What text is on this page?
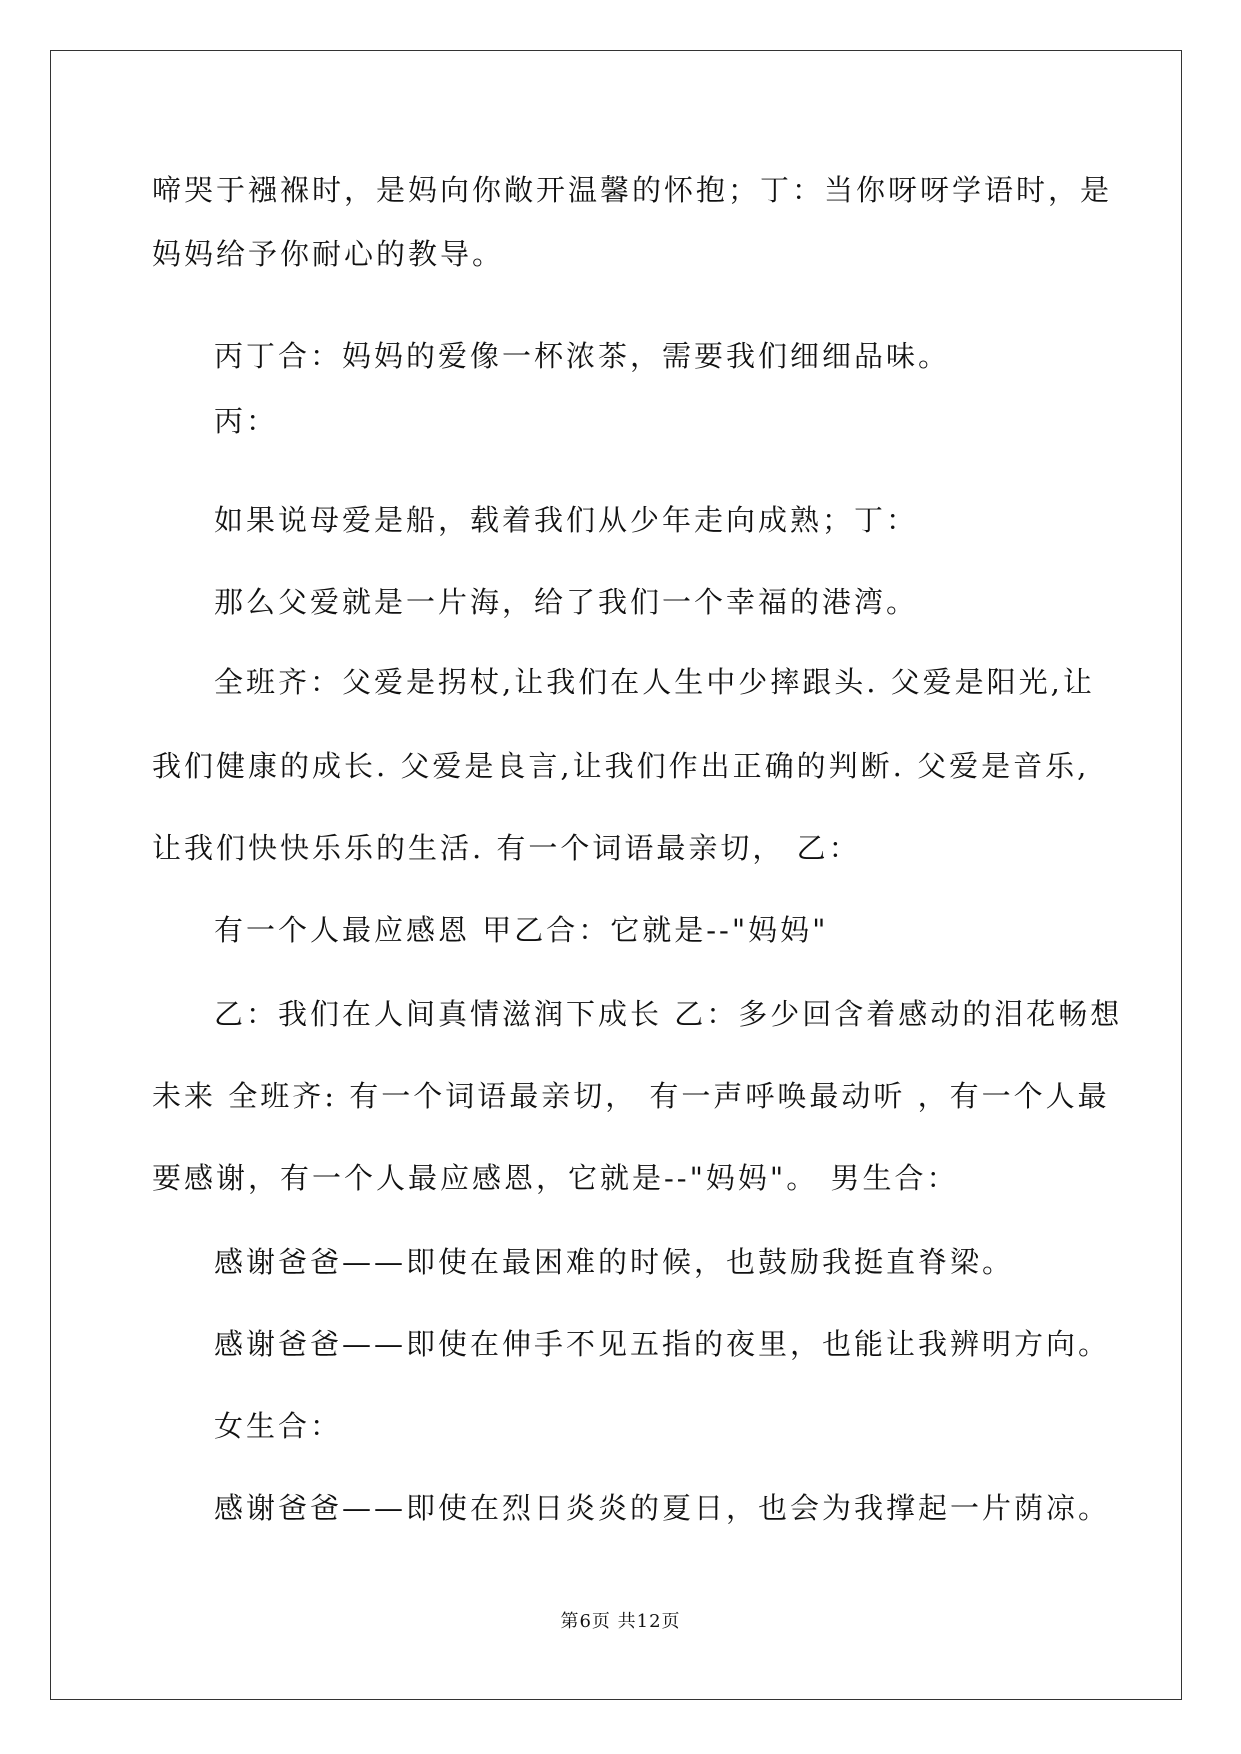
啼哭于襁褓时，是妈向你敞开温馨的怀抱；丁：当你呀呀学语时，是
妈妈给予你耐心的教导。
丙丁合：妈妈的爱像一杯浓茶，需要我们细细品味。
丙：
如果说母爱是船，载着我们从少年走向成熟；丁：
那么父爱就是一片海，给了我们一个幸福的港湾。
全班齐：父爱是拐杖,让我们在人生中少摔跟头. 父爱是阳光,让
我们健康的成长. 父爱是良言,让我们作出正确的判断. 父爱是音乐,
让我们快快乐乐的生活. 有一个词语最亲切， 乙：
有一个人最应感恩 甲乙合：它就是--"妈妈"
乙：我们在人间真情滋润下成长 乙：多少回含着感动的泪花畅想
未来 全班齐: 有一个词语最亲切， 有一声呼唤最动听 ，有一个人最
要感谢，有一个人最应感恩，它就是--"妈妈"。 男生合：
感谢爸爸——即使在最困难的时候，也鼓励我挺直脊梁。
感谢爸爸——即使在伸手不见五指的夜里，也能让我辨明方向。
女生合：
感谢爸爸——即使在烈日炎炎的夏日，也会为我撑起一片荫凉。
第6页 共12页
